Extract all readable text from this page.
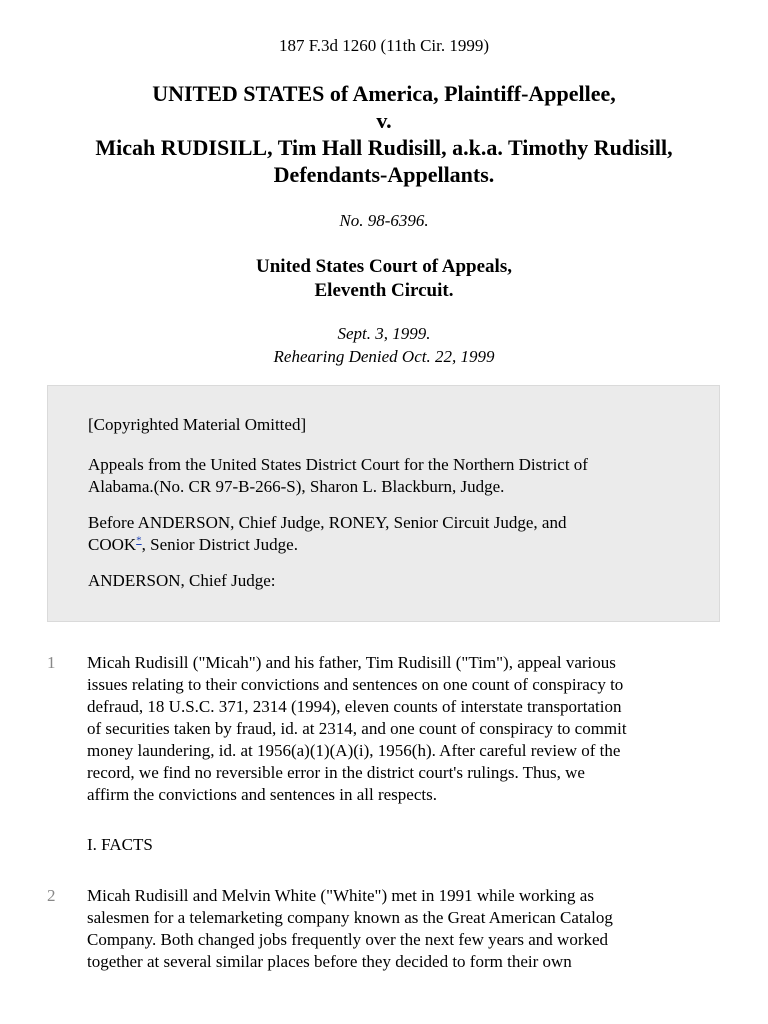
187 F.3d 1260 (11th Cir. 1999)
UNITED STATES of America, Plaintiff-Appellee,
v.
Micah RUDISILL, Tim Hall Rudisill, a.k.a. Timothy Rudisill,
Defendants-Appellants.
No. 98-6396.
United States Court of Appeals,
Eleventh Circuit.
Sept. 3, 1999.
Rehearing Denied Oct. 22, 1999

[Copyrighted Material Omitted]

Appeals from the United States District Court for the Northern District of
Alabama.(No. CR 97-B-266-S), Sharon L. Blackburn, Judge.

Before ANDERSON, Chief Judge, RONEY, Senior Circuit Judge, and
COOK*, Senior District Judge.

ANDERSON, Chief Judge:

1	Micah Rudisill ("Micah") and his father, Tim Rudisill ("Tim"), appeal various
issues relating to their convictions and sentences on one count of conspiracy to
defraud, 18 U.S.C. 371, 2314 (1994), eleven counts of interstate transportation
of securities taken by fraud, id. at 2314, and one count of conspiracy to commit
money laundering, id. at 1956(a)(1)(A)(i), 1956(h). After careful review of the
record, we find no reversible error in the district court's rulings. Thus, we
affirm the convictions and sentences in all respects.
I. FACTS
2	Micah Rudisill and Melvin White ("White") met in 1991 while working as
salesmen for a telemarketing company known as the Great American Catalog
Company. Both changed jobs frequently over the next few years and worked
together at several similar places before they decided to form their own
